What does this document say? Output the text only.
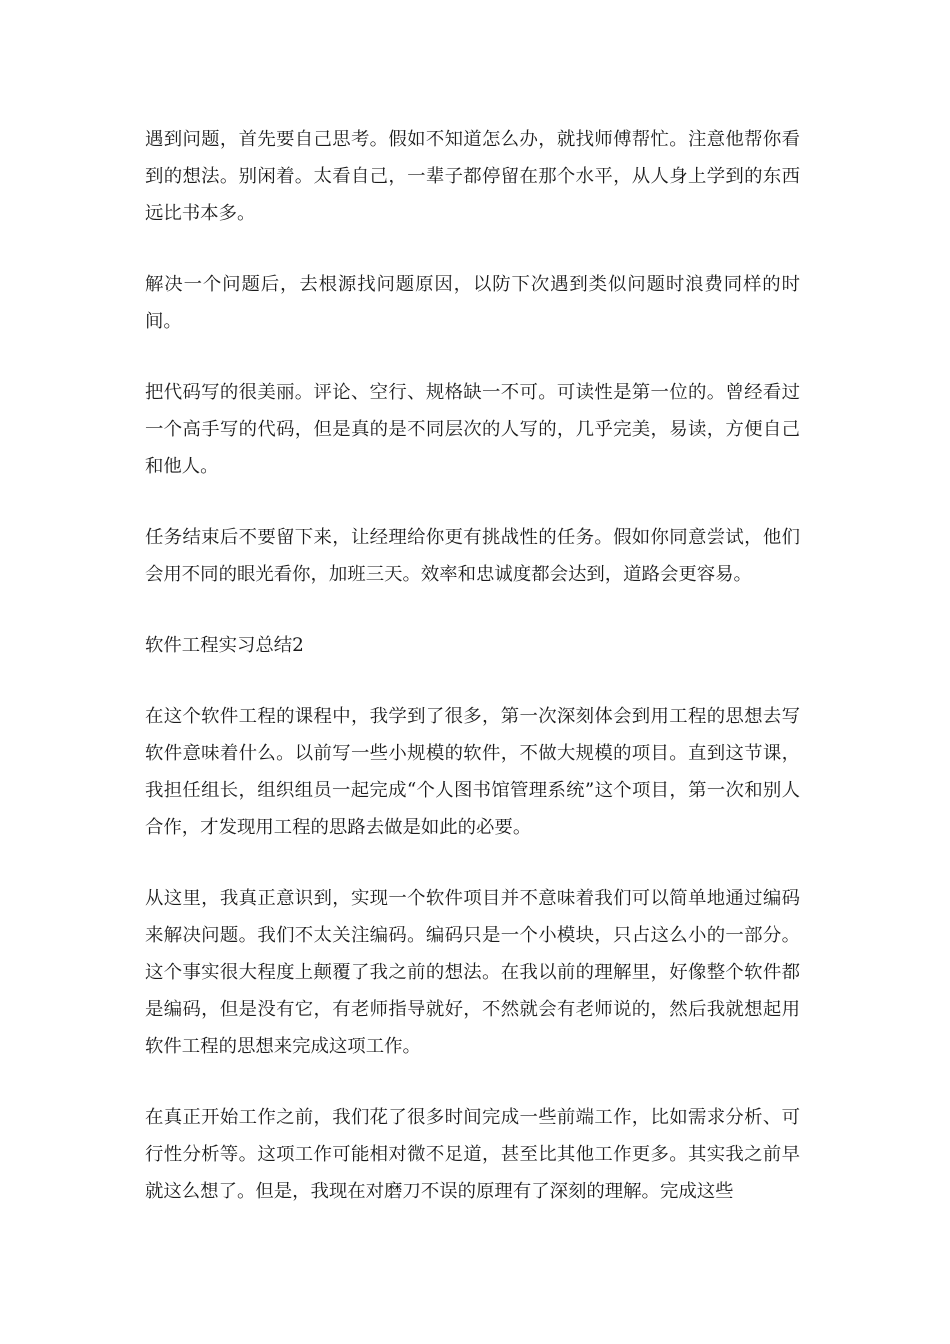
遇到问题，首先要自己思考。假如不知道怎么办，就找师傅帮忙。注意他帮你看到的想法。别闲着。太看自己，一辈子都停留在那个水平，从人身上学到的东西远比书本多。

解决一个问题后，去根源找问题原因，以防下次遇到类似问题时浪费同样的时间。

把代码写的很美丽。评论、空行、规格缺一不可。可读性是第一位的。曾经看过一个高手写的代码，但是真的是不同层次的人写的，几乎完美，易读，方便自己和他人。

任务结束后不要留下来，让经理给你更有挑战性的任务。假如你同意尝试，他们会用不同的眼光看你，加班三天。效率和忠诚度都会达到，道路会更容易。

软件工程实习总结2

在这个软件工程的课程中，我学到了很多，第一次深刻体会到用工程的思想去写软件意味着什么。以前写一些小规模的软件，不做大规模的项目。直到这节课，我担任组长，组织组员一起完成“个人图书馆管理系统”这个项目，第一次和别人合作，才发现用工程的思路去做是如此的必要。

从这里，我真正意识到，实现一个软件项目并不意味着我们可以简单地通过编码来解决问题。我们不太关注编码。编码只是一个小模块，只占这么小的一部分。这个事实很大程度上颠覆了我之前的想法。在我以前的理解里，好像整个软件都是编码，但是没有它，有老师指导就好，不然就会有老师说的，然后我就想起用软件工程的思想来完成这项工作。

在真正开始工作之前，我们花了很多时间完成一些前端工作，比如需求分析、可行性分析等。这项工作可能相对微不足道，甚至比其他工作更多。其实我之前早就这么想了。但是，我现在对磨刀不误的原理有了深刻的理解。完成这些
